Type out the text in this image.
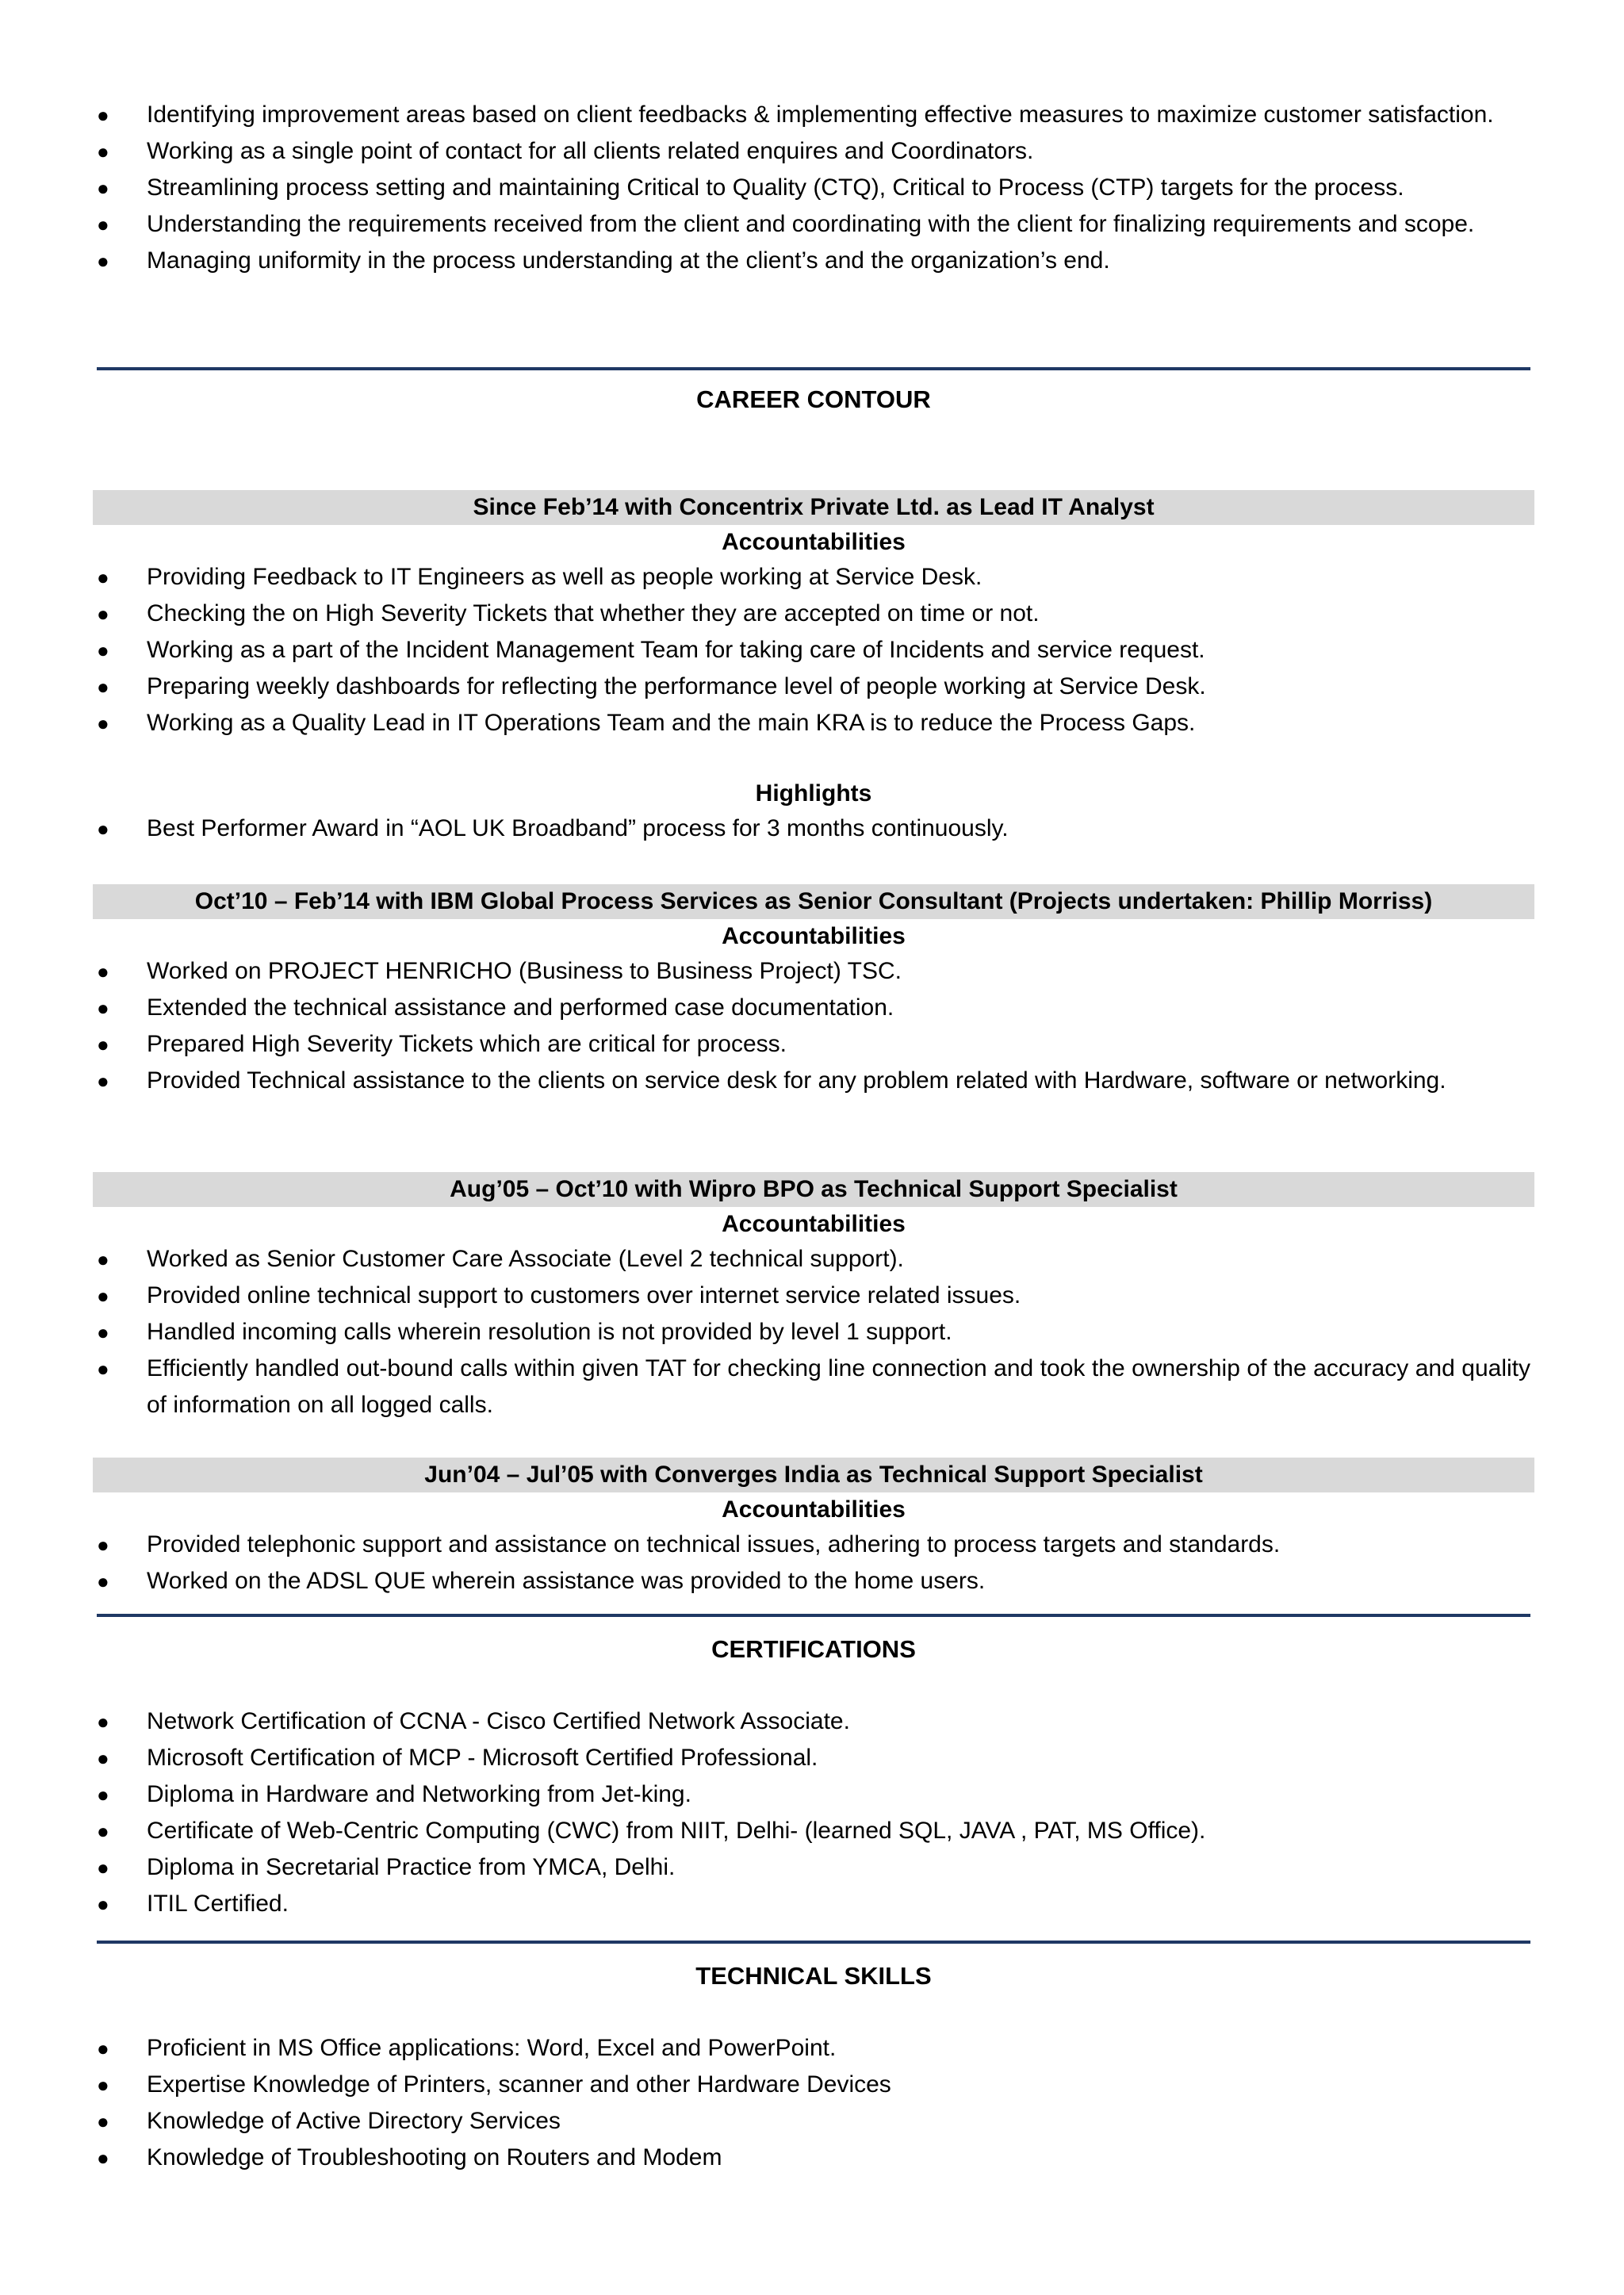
● Identifying improvement areas based on client feedbacks & implementing effective measures to maximize customer satisfaction.
● Working as a single point of contact for all clients related enquires and Coordinators.
● Streamlining process setting and maintaining Critical to Quality (CTQ), Critical to Process (CTP) targets for the process.
● Understanding the requirements received from the client and coordinating with the client for finalizing requirements and scope.
● Managing uniformity in the process understanding at the client’s and the organization’s end.
CAREER CONTOUR
Since Feb’14 with Concentrix Private Ltd. as Lead IT Analyst
Accountabilities
● Providing Feedback to IT Engineers as well as people working at Service Desk.
● Checking the on High Severity Tickets that whether they are accepted on time or not.
● Working as a part of the Incident Management Team for taking care of Incidents and service request.
● Preparing weekly dashboards for reflecting the performance level of people working at Service Desk.
● Working as a Quality Lead in IT Operations Team and the main KRA is to reduce the Process Gaps.
Highlights
● Best Performer Award in “AOL UK Broadband” process for 3 months continuously.
Oct’10 – Feb’14 with IBM Global Process Services as Senior Consultant (Projects undertaken: Phillip Morriss)
Accountabilities
● Worked on PROJECT HENRICHO (Business to Business Project) TSC.
● Extended the technical assistance and performed case documentation.
● Prepared High Severity Tickets which are critical for process.
● Provided Technical assistance to the clients on service desk for any problem related with Hardware, software or networking.
Aug’05 – Oct’10 with Wipro BPO as Technical Support Specialist
Accountabilities
● Worked as Senior Customer Care Associate (Level 2 technical support).
● Provided online technical support to customers over internet service related issues.
● Handled incoming calls wherein resolution is not provided by level 1 support.
● Efficiently handled out-bound calls within given TAT for checking line connection and took the ownership of the accuracy and quality of information on all logged calls.
Jun’04 – Jul’05 with Converges India as Technical Support Specialist
Accountabilities
● Provided telephonic support and assistance on technical issues, adhering to process targets and standards.
● Worked on the ADSL QUE wherein assistance was provided to the home users.
CERTIFICATIONS
● Network Certification of CCNA - Cisco Certified Network Associate.
● Microsoft Certification of MCP - Microsoft Certified Professional.
● Diploma in Hardware and Networking from Jet-king.
● Certificate of Web-Centric Computing (CWC) from NIIT, Delhi- (learned SQL, JAVA , PAT, MS Office).
● Diploma in Secretarial Practice from YMCA, Delhi.
● ITIL Certified.
TECHNICAL SKILLS
● Proficient in MS Office applications: Word, Excel and PowerPoint.
● Expertise Knowledge of Printers, scanner and other Hardware Devices
● Knowledge of Active Directory Services
● Knowledge of Troubleshooting on Routers and Modem
